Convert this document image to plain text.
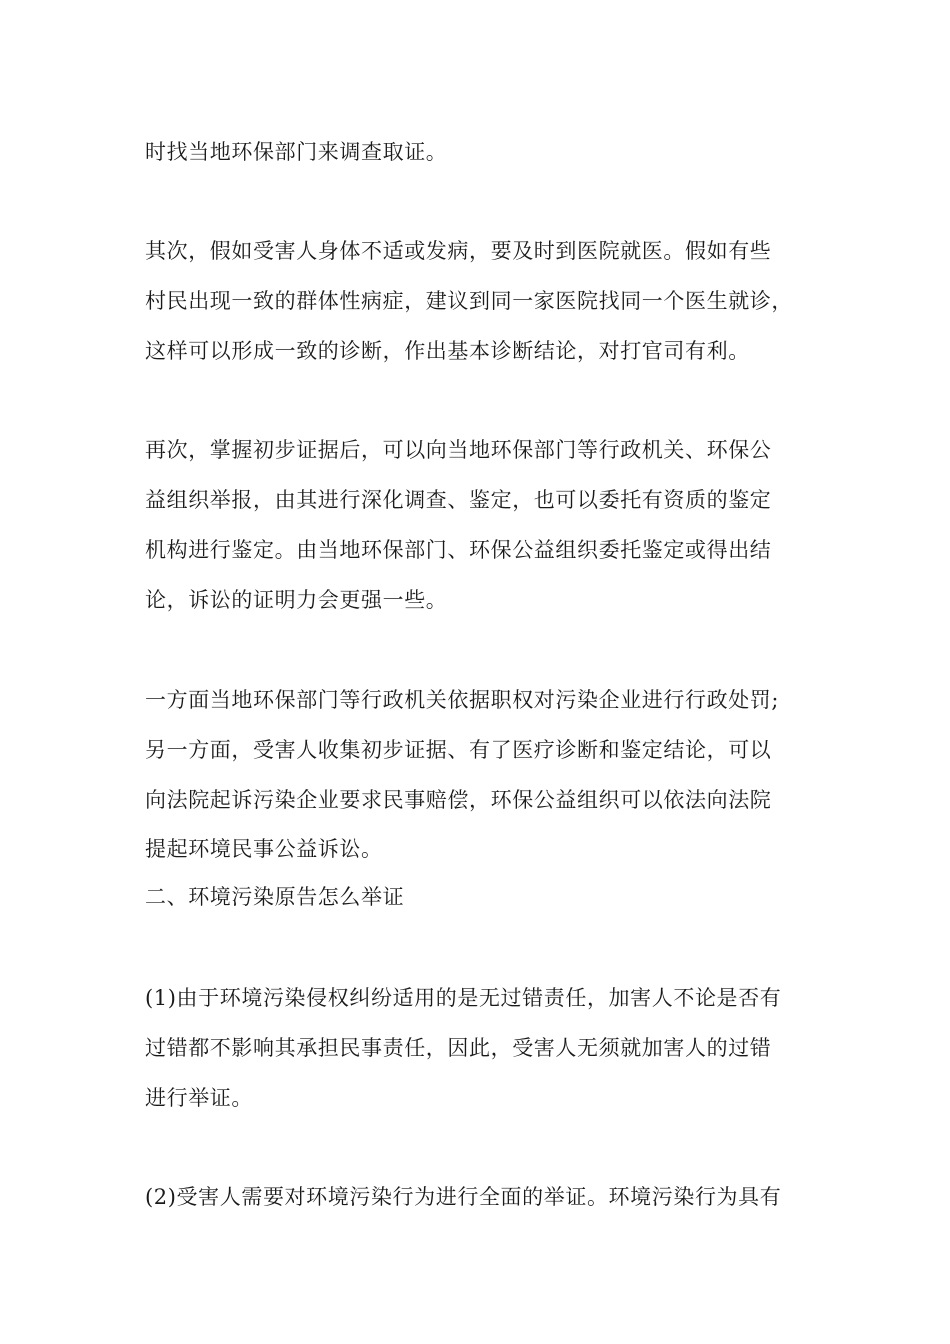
时找当地环保部门来调查取证。

其次，假如受害人身体不适或发病，要及时到医院就医。假如有些

村民出现一致的群体性病症，建议到同一家医院找同一个医生就诊，

这样可以形成一致的诊断，作出基本诊断结论，对打官司有利。

再次，掌握初步证据后，可以向当地环保部门等行政机关、环保公

益组织举报，由其进行深化调查、鉴定，也可以委托有资质的鉴定

机构进行鉴定。由当地环保部门、环保公益组织委托鉴定或得出结

论，诉讼的证明力会更强一些。

一方面当地环保部门等行政机关依据职权对污染企业进行行政处罚;

另一方面，受害人收集初步证据、有了医疗诊断和鉴定结论，可以

向法院起诉污染企业要求民事赔偿，环保公益组织可以依法向法院

提起环境民事公益诉讼。

二、环境污染原告怎么举证

(1)由于环境污染侵权纠纷适用的是无过错责任，加害人不论是否有

过错都不影响其承担民事责任，因此，受害人无须就加害人的过错

进行举证。

(2)受害人需要对环境污染行为进行全面的举证。环境污染行为具有
